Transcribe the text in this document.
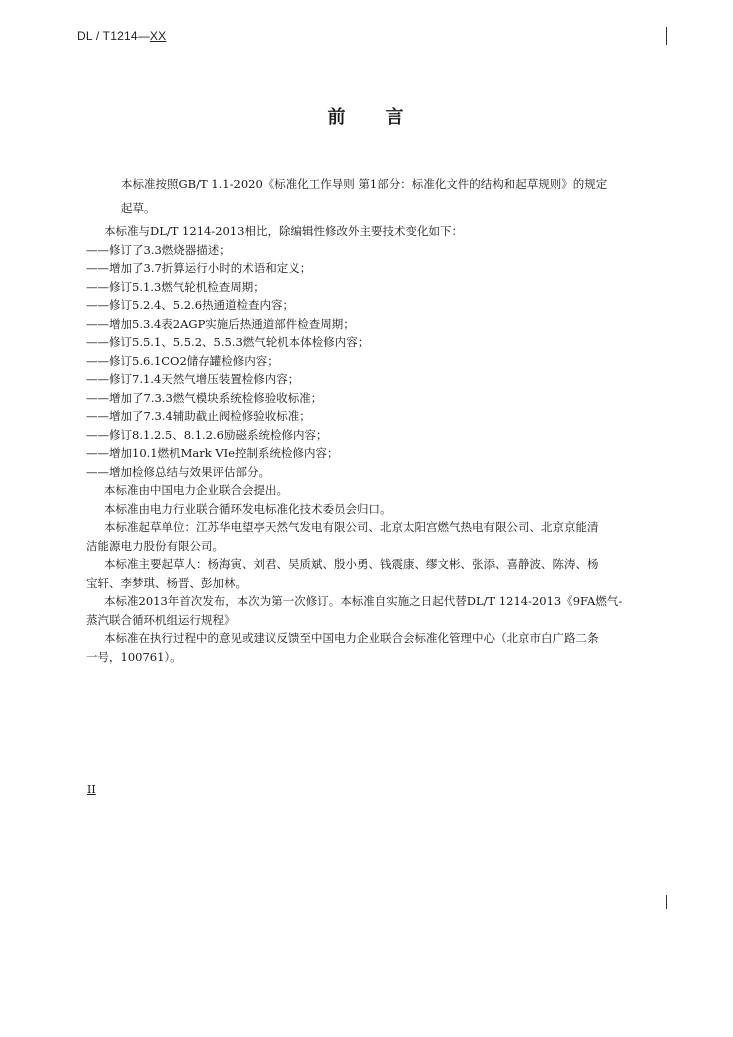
DL / T1214—XX
前 言
本标准按照GB/T 1.1-2020《标准化工作导则 第1部分：标准化文件的结构和起草规则》的规定
起草。
本标准与DL/T 1214-2013相比，除编辑性修改外主要技术变化如下：
——修订了3.3燃烧器描述；
——增加了3.7折算运行小时的术语和定义；
——修订5.1.3燃气轮机检查周期；
——修订5.2.4、5.2.6热通道检查内容；
——增加5.3.4表2AGP实施后热通道部件检查周期；
——修订5.5.1、5.5.2、5.5.3燃气轮机本体检修内容；
——修订5.6.1CO2储存罐检修内容；
——修订7.1.4天然气增压装置检修内容；
——增加了7.3.3燃气模块系统检修验收标准；
——增加了7.3.4辅助截止阀检修验收标准；
——修订8.1.2.5、8.1.2.6励磁系统检修内容；
——增加10.1燃机Mark VIe控制系统检修内容；
——增加检修总结与效果评估部分。
本标准由中国电力企业联合会提出。
本标准由电力行业联合循环发电标准化技术委员会归口。
本标准起草单位：江苏华电望亭天然气发电有限公司、北京太阳宫燃气热电有限公司、北京京能清
洁能源电力股份有限公司。
本标准主要起草人：杨海寅、刘君、吴质斌、殷小勇、钱震康、缪文彬、张添、喜静波、陈涛、杨
宝轩、李梦琪、杨晋、彭加林。
本标准2013年首次发布，本次为第一次修订。本标准自实施之日起代替DL/T 1214-2013《9FA燃气-
蒸汽联合循环机组运行规程》
本标准在执行过程中的意见或建议反馈至中国电力企业联合会标准化管理中心（北京市白广路二条
一号，100761）。
II
